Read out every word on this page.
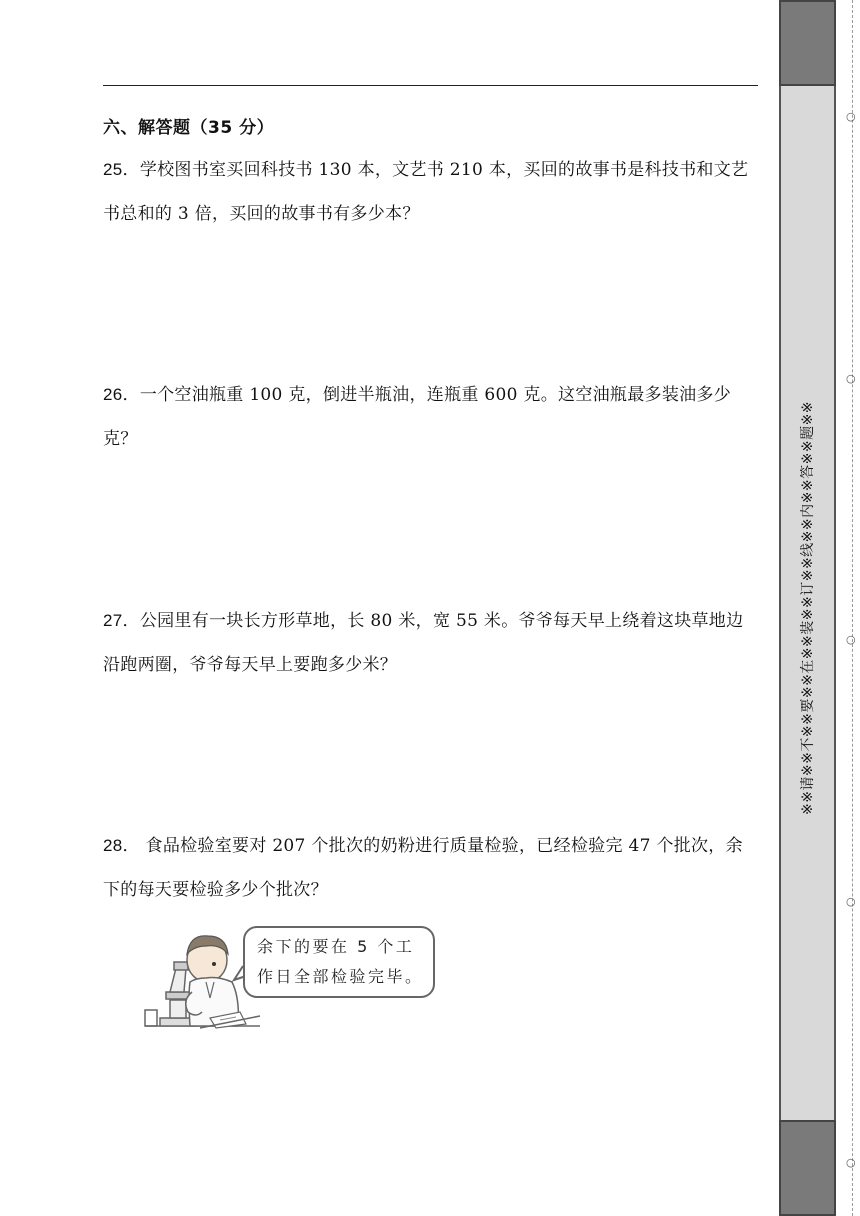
六、解答题（35 分）
25．学校图书室买回科技书 130 本，文艺书 210 本，买回的故事书是科技书和文艺书总和的 3 倍，买回的故事书有多少本？
26．一个空油瓶重 100 克，倒进半瓶油，连瓶重 600 克。这空油瓶最多装油多少克？
27．公园里有一块长方形草地，长 80 米，宽 55 米。爷爷每天早上绕着这块草地边沿跑两圈，爷爷每天早上要跑多少米？
28． 食品检验室要对 207 个批次的奶粉进行质量检验，已经检验完 47 个批次，余下的每天要检验多少个批次？
余下的要在 5 个工
作日全部检验完毕。
※※请※※不※※要※※在※※装※※订※※线※※内※※答※※题※※
○
○
○
○
○
